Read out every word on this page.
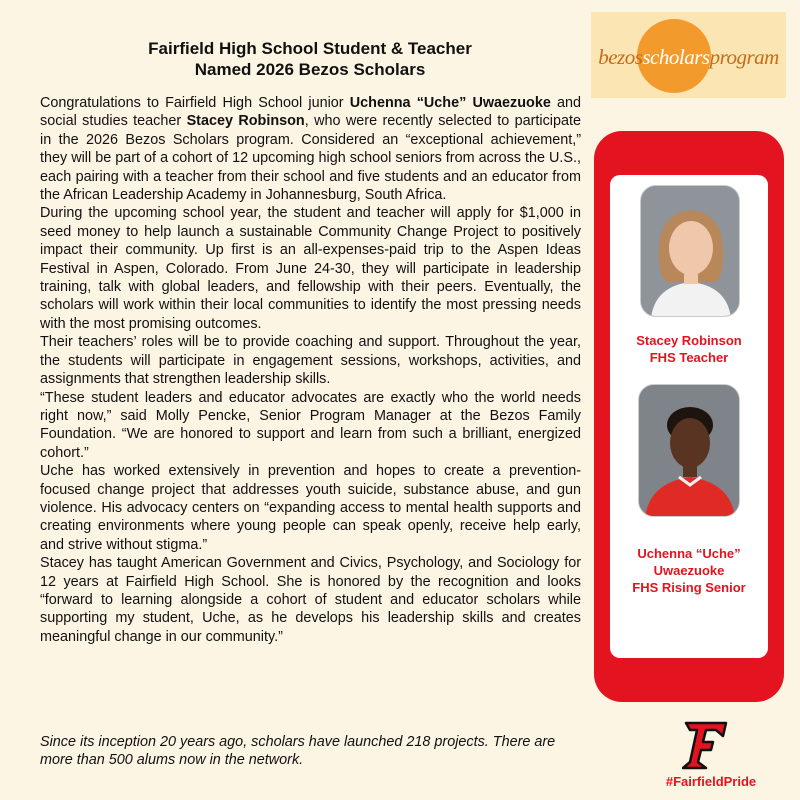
Fairfield High School Student & Teacher
Named 2026 Bezos Scholars

Congratulations to Fairfield High School junior Uchenna “Uche” Uwaezuoke and social studies teacher Stacey Robinson, who were recently selected to participate in the 2026 Bezos Scholars program. Considered an “exceptional achievement,” they will be part of a cohort of 12 upcoming high school seniors from across the U.S., each pairing with a teacher from their school and five students and an educator from the African Leadership Academy in Johannesburg, South Africa.

During the upcoming school year, the student and teacher will apply for $1,000 in seed money to help launch a sustainable Community Change Project to positively impact their community. Up first is an all-expenses-paid trip to the Aspen Ideas Festival in Aspen, Colorado. From June 24-30, they will participate in leadership training, talk with global leaders, and fellowship with their peers. Eventually, the scholars will work within their local communities to identify the most pressing needs with the most promising outcomes.

Their teachers’ roles will be to provide coaching and support. Throughout the year, the students will participate in engagement sessions, workshops, activities, and assignments that strengthen leadership skills.

“These student leaders and educator advocates are exactly who the world needs right now,” said Molly Pencke, Senior Program Manager at the Bezos Family Foundation. “We are honored to support and learn from such a brilliant, energized cohort.”

Uche has worked extensively in prevention and hopes to create a prevention-focused change project that addresses youth suicide, substance abuse, and gun violence. His advocacy centers on “expanding access to mental health supports and creating environments where young people can speak openly, receive help early, and strive without stigma.”

Stacey has taught American Government and Civics, Psychology, and Sociology for 12 years at Fairfield High School. She is honored by the recognition and looks “forward to learning alongside a cohort of student and educator scholars while supporting my student, Uche, as he develops his leadership skills and creates meaningful change in our community.”

Since its inception 20 years ago, scholars have launched 218 projects. There are more than 500 alums now in the network.
bezosscholarsprogram
Stacey Robinson
FHS Teacher
Uchenna “Uche”
Uwaezuoke
FHS Rising Senior
#FairfieldPride
